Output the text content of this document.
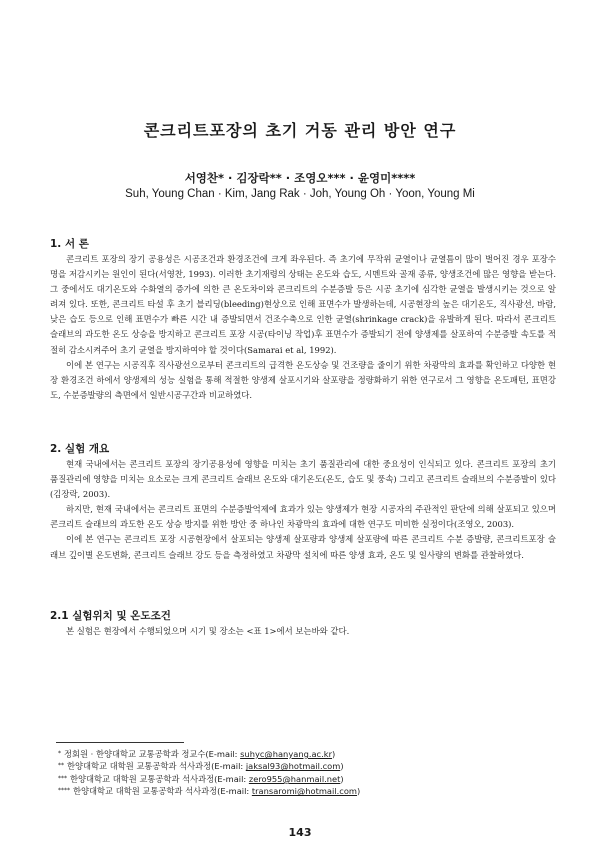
콘크리트포장의 초기 거동 관리 방안 연구
서영찬* · 김장락** · 조영오*** · 윤영미****
Suh, Young Chan · Kim, Jang Rak · Joh, Young Oh · Yoon, Young Mi
1. 서 론

콘크리트 포장의 장기 공용성은 시공조건과 환경조건에 크게 좌우된다. 즉 초기에 무작위 균열이나 균열틈이 많이 벌어진 경우 포장수명을 저감시키는 원인이 된다(서영찬, 1993). 이러한 초기재령의 상태는 온도와 습도, 시멘트와 골재 종류, 양생조건에 많은 영향을 받는다. 그 중에서도 대기온도와 수화열의 증가에 의한 큰 온도차이와 콘크리트의 수분증발 등은 시공 초기에 심각한 균열을 발생시키는 것으로 알려져 있다. 또한, 콘크리트 타설 후 초기 블리딩(bleeding)현상으로 인해 표면수가 발생하는데, 시공현장의 높은 대기온도, 직사광선, 바람, 낮은 습도 등으로 인해 표면수가 빠른 시간 내 증발되면서 건조수축으로 인한 균열(shrinkage crack)을 유발하게 된다. 따라서 콘크리트 슬래브의 과도한 온도 상승을 방지하고 콘크리트 포장 시공(타이닝 작업)후 표면수가 증발되기 전에 양생제를 살포하여 수분증발 속도를 적절히 감소시켜주어 초기 균열을 방지하여야 할 것이다(Samarai et al, 1992).

이에 본 연구는 시공직후 직사광선으로부터 콘크리트의 급격한 온도상승 및 건조량을 줄이기 위한 차광막의 효과를 확인하고 다양한 현장 환경조건 하에서 양생제의 성능 실험을 통해 적절한 양생제 살포시기와 살포량을 정량화하기 위한 연구로서 그 영향을 온도패턴, 표면강도, 수분증발량의 측면에서 일반시공구간과 비교하였다.

2. 실험 개요

현재 국내에서는 콘크리트 포장의 장기공용성에 영향을 미치는 초기 품질관리에 대한 중요성이 인식되고 있다. 콘크리트 포장의 초기 품질관리에 영향을 미치는 요소로는 크게 콘크리트 슬래브 온도와 대기온도(온도, 습도 및 풍속) 그리고 콘크리트 슬래브의 수분증발이 있다(김장락, 2003).

하지만, 현재 국내에서는 콘크리트 표면의 수분증발억제에 효과가 있는 양생제가 현장 시공자의 주관적인 판단에 의해 살포되고 있으며 콘크리트 슬래브의 과도한 온도 상승 방지를 위한 방안 중 하나인 차광막의 효과에 대한 연구도 미비한 실정이다(조영오, 2003).

이에 본 연구는 콘크리트 포장 시공현장에서 살포되는 양생제 살포량과 양생제 살포량에 따른 콘크리트 수분 증발량, 콘크리트포장 슬래브 깊이별 온도변화, 콘크리트 슬래브 강도 등을 측정하였고 차광막 설치에 따른 양생 효과, 온도 및 일사량의 변화를 관찰하였다.

2.1 실험위치 및 온도조건

본 실험은 현장에서 수행되었으며 시기 및 장소는 <표 1>에서 보는바와 같다.

* 정회원 · 한양대학교 교통공학과 정교수(E-mail: suhyc@hanyang.ac.kr)
** 한양대학교 대학원 교통공학과 석사과정(E-mail: jaksal93@hotmail.com)
*** 한양대학교 대학원 교통공학과 석사과정(E-mail: zero955@hanmail.net)
**** 한양대학교 대학원 교통공학과 석사과정(E-mail: transaromi@hotmail.com)
143
